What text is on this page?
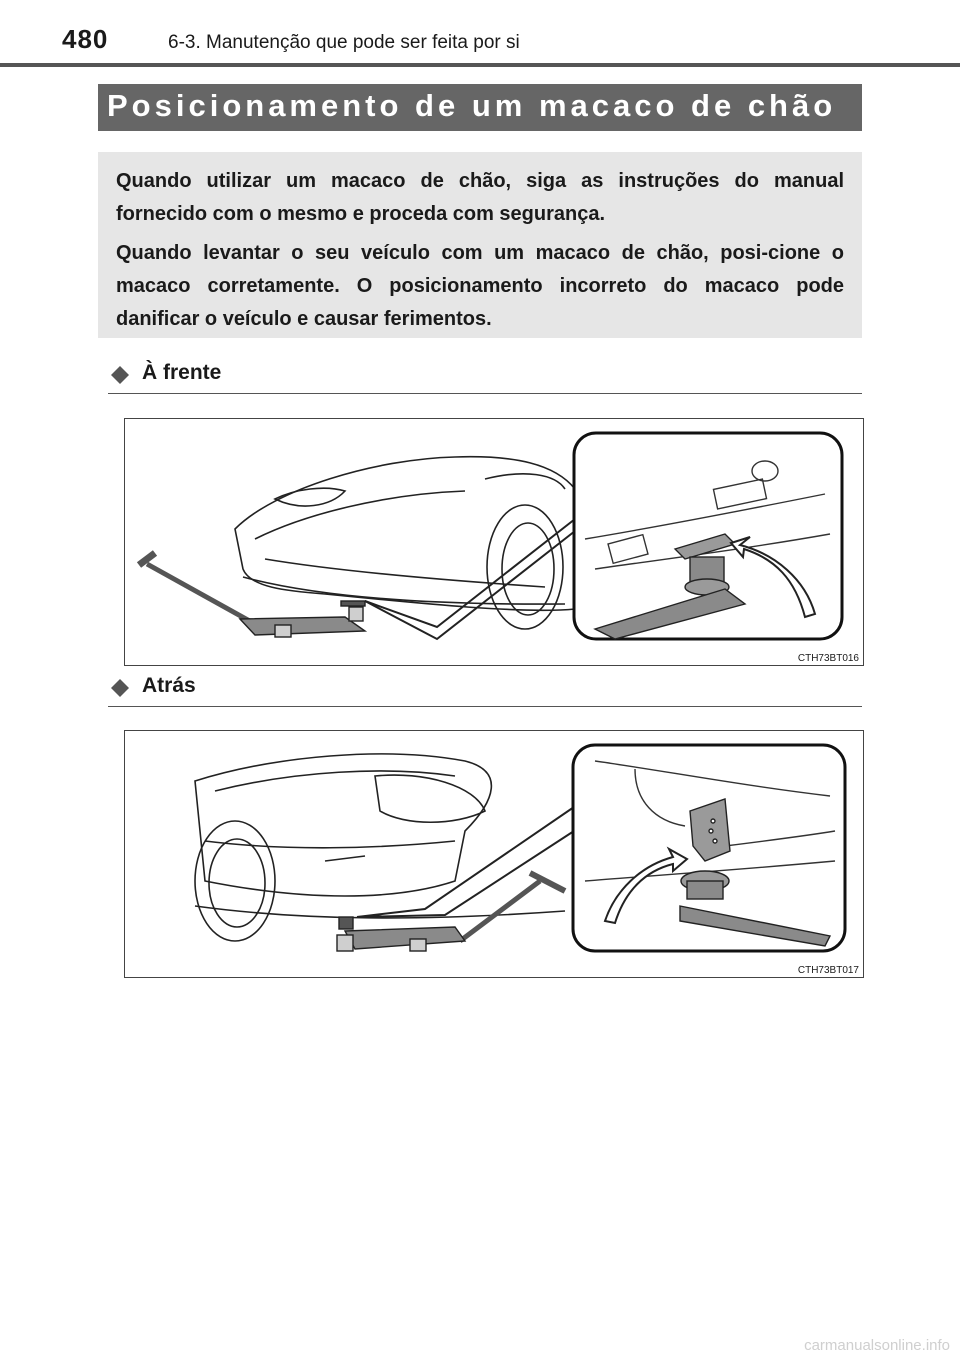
480	6-3. Manutenção que pode ser feita por si
Posicionamento de um macaco de chão

Quando utilizar um macaco de chão, siga as instruções do manual fornecido com o mesmo e proceda com segurança.

Quando levantar o seu veículo com um macaco de chão, posi-cione o macaco corretamente. O posicionamento incorreto do macaco pode danificar o veículo e causar ferimentos.

À frente
CTH73BT016
Atrás
CTH73BT017
carmanualsonline.info
